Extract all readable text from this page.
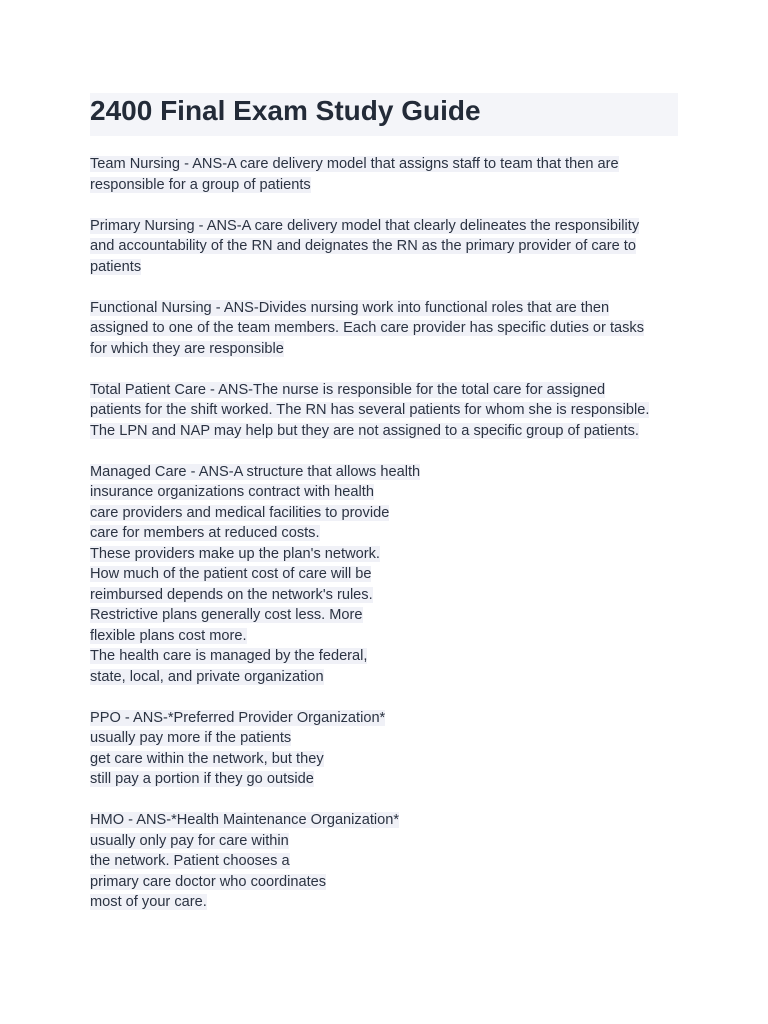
2400 Final Exam Study Guide
Team Nursing - ANS-A care delivery model that assigns staff to team that then are
responsible for a group of patients
Primary Nursing - ANS-A care delivery model that clearly delineates the responsibility
and accountability of the RN and deignates the RN as the primary provider of care to
patients
Functional Nursing - ANS-Divides nursing work into functional roles that are then
assigned to one of the team members. Each care provider has specific duties or tasks
for which they are responsible
Total Patient Care - ANS-The nurse is responsible for the total care for assigned
patients for the shift worked. The RN has several patients for whom she is responsible.
The LPN and NAP may help but they are not assigned to a specific group of patients.
Managed Care - ANS-A structure that allows health
insurance organizations contract with health
care providers and medical facilities to provide
care for members at reduced costs.
These providers make up the plan's network.
How much of the patient cost of care will be
reimbursed depends on the network's rules.
Restrictive plans generally cost less. More
flexible plans cost more.
The health care is managed by the federal,
state, local, and private organization
PPO - ANS-*Preferred Provider Organization*
usually pay more if the patients
get care within the network, but they
still pay a portion if they go outside
HMO - ANS-*Health Maintenance Organization*
usually only pay for care within
the network. Patient chooses a
primary care doctor who coordinates
most of your care.
